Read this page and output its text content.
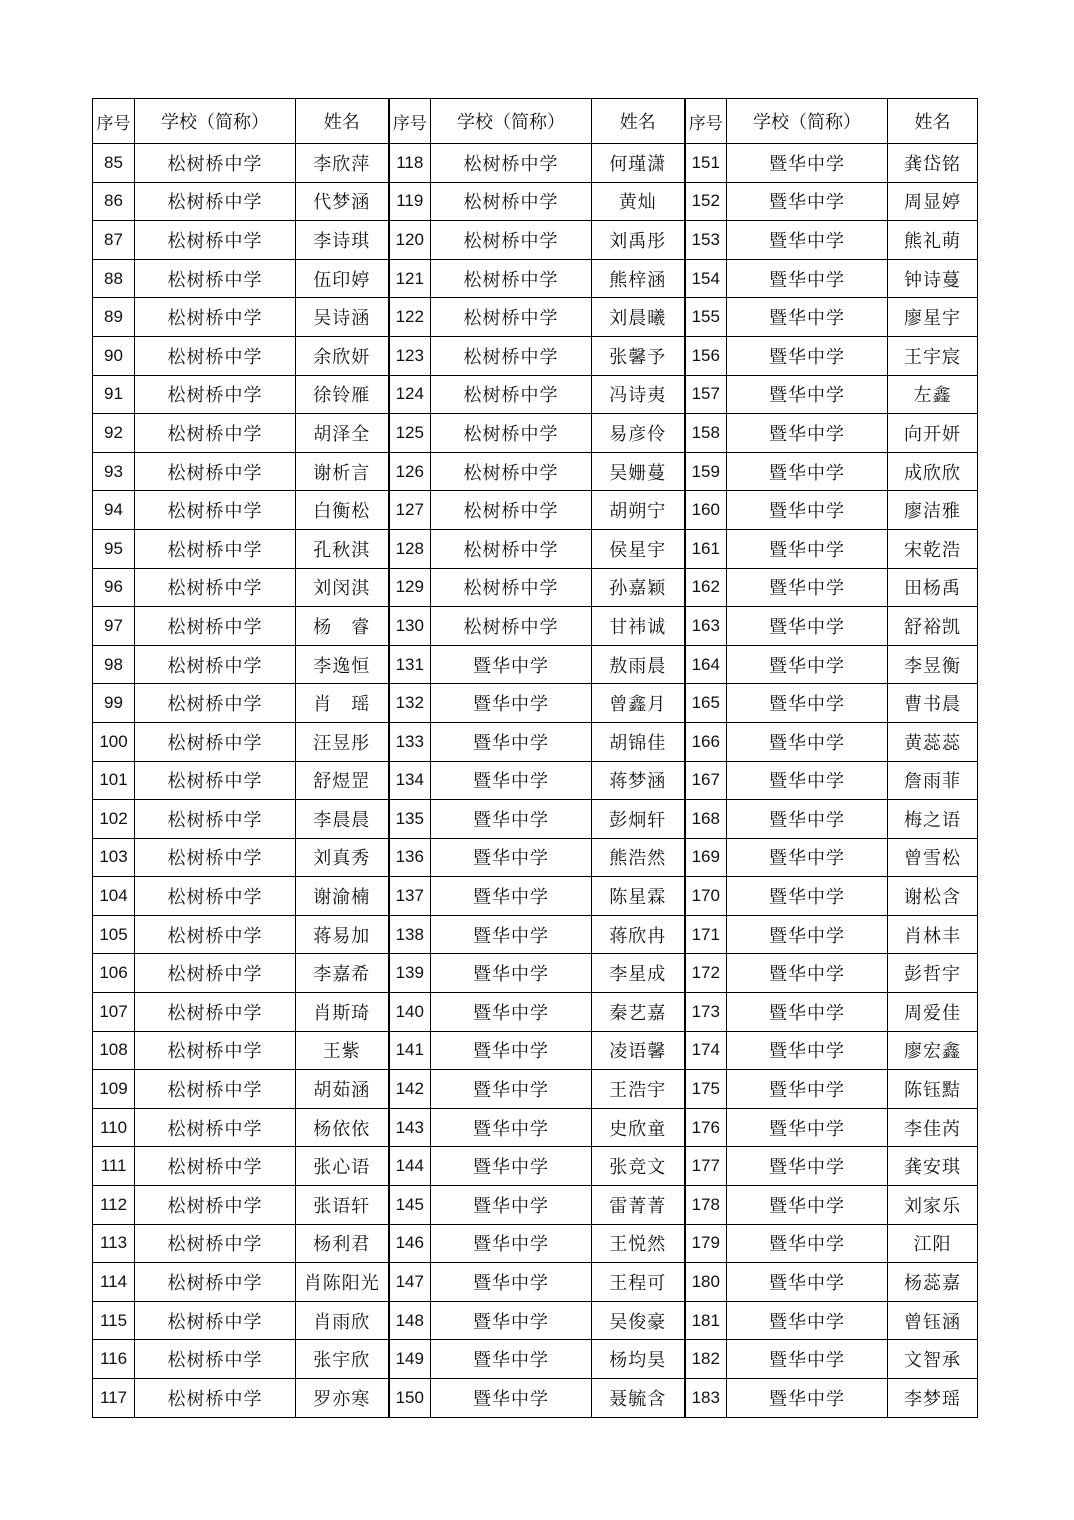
序号	学校（简称）	姓名	序号	学校（简称）	姓名	序号	学校（简称）	姓名
85	松树桥中学	李欣萍	118	松树桥中学	何瑾潇	151	暨华中学	龚岱铭
86	松树桥中学	代梦涵	119	松树桥中学	黄灿	152	暨华中学	周显婷
87	松树桥中学	李诗琪	120	松树桥中学	刘禹彤	153	暨华中学	熊礼萌
88	松树桥中学	伍印婷	121	松树桥中学	熊梓涵	154	暨华中学	钟诗蔓
89	松树桥中学	吴诗涵	122	松树桥中学	刘晨曦	155	暨华中学	廖星宇
90	松树桥中学	余欣妍	123	松树桥中学	张馨予	156	暨华中学	王宇宸
91	松树桥中学	徐铃雁	124	松树桥中学	冯诗夷	157	暨华中学	左鑫
92	松树桥中学	胡泽全	125	松树桥中学	易彦伶	158	暨华中学	向开妍
93	松树桥中学	谢析言	126	松树桥中学	吴姗蔓	159	暨华中学	成欣欣
94	松树桥中学	白衡松	127	松树桥中学	胡朔宁	160	暨华中学	廖洁雅
95	松树桥中学	孔秋淇	128	松树桥中学	侯星宇	161	暨华中学	宋乾浩
96	松树桥中学	刘闵淇	129	松树桥中学	孙嘉颖	162	暨华中学	田杨禹
97	松树桥中学	杨　睿	130	松树桥中学	甘祎诚	163	暨华中学	舒裕凯
98	松树桥中学	李逸恒	131	暨华中学	敖雨晨	164	暨华中学	李昱衡
99	松树桥中学	肖　瑶	132	暨华中学	曾鑫月	165	暨华中学	曹书晨
100	松树桥中学	汪昱彤	133	暨华中学	胡锦佳	166	暨华中学	黄蕊蕊
101	松树桥中学	舒煜罡	134	暨华中学	蒋梦涵	167	暨华中学	詹雨菲
102	松树桥中学	李晨晨	135	暨华中学	彭炯轩	168	暨华中学	梅之语
103	松树桥中学	刘真秀	136	暨华中学	熊浩然	169	暨华中学	曾雪松
104	松树桥中学	谢渝楠	137	暨华中学	陈星霖	170	暨华中学	谢松含
105	松树桥中学	蒋易加	138	暨华中学	蒋欣冉	171	暨华中学	肖林丰
106	松树桥中学	李嘉希	139	暨华中学	李星成	172	暨华中学	彭哲宇
107	松树桥中学	肖斯琦	140	暨华中学	秦艺嘉	173	暨华中学	周爱佳
108	松树桥中学	王紫	141	暨华中学	凌语馨	174	暨华中学	廖宏鑫
109	松树桥中学	胡茹涵	142	暨华中学	王浩宇	175	暨华中学	陈钰黠
110	松树桥中学	杨依依	143	暨华中学	史欣童	176	暨华中学	李佳芮
111	松树桥中学	张心语	144	暨华中学	张竞文	177	暨华中学	龚安琪
112	松树桥中学	张语轩	145	暨华中学	雷菁菁	178	暨华中学	刘家乐
113	松树桥中学	杨利君	146	暨华中学	王悦然	179	暨华中学	江阳
114	松树桥中学	肖陈阳光	147	暨华中学	王程可	180	暨华中学	杨蕊嘉
115	松树桥中学	肖雨欣	148	暨华中学	吴俊豪	181	暨华中学	曾钰涵
116	松树桥中学	张宇欣	149	暨华中学	杨均昊	182	暨华中学	文智承
117	松树桥中学	罗亦寒	150	暨华中学	聂毓含	183	暨华中学	李梦瑶
